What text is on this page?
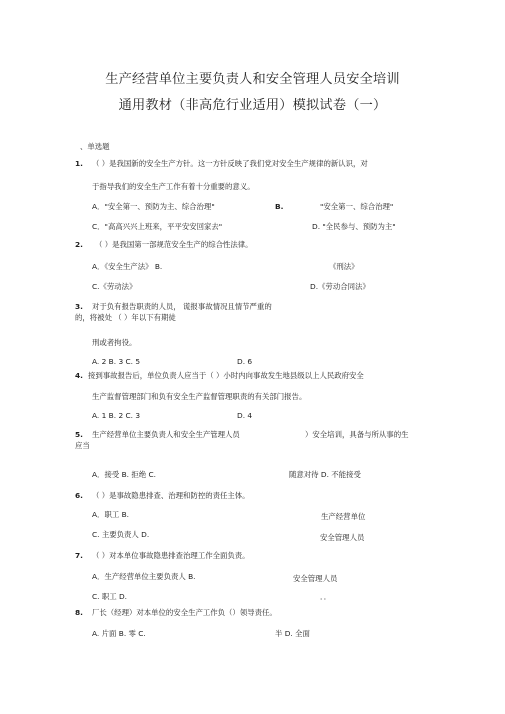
生产经营单位主要负责人和安全管理人员安全培训
通用教材（非高危行业适用）模拟试卷（一）
、单选题
1. （ ）是我国新的安全生产方针。这一方针反映了我们党对安全生产规律的新认识，对
于指导我们的安全生产工作有着十分重要的意义。
A．"安全第一、预防为主、综合治理"	B.	"安全第一、综合治理"
C．"高高兴兴上班来，平平安安回家去"	D. "全民参与、预防为主"
2. （ ）是我国第一部规范安全生产的综合性法律。
A．《安全生产法》 B.	《刑法》
C.《劳动法》	D.《劳动合同法》
3. 对于负有报告职责的人员， 谎报事故情况且情节严重的
的，将被处 （ ）年以下有期徒
刑或者拘役。
A. 2 B. 3 C. 5	D. 6
4. 接到事故报告后，单位负责人应当于（ ）小时内向事故发生地县级以上人民政府安全
生产监督管理部门和负有安全生产监督管理职责的有关部门报告。
A. 1 B. 2 C. 3	D. 4
5. 生产经营单位主要负责人和安全生产管理人员	）安全培训，具备与所从事的生
应当
A．接受 B. 拒绝 C.	随意对待 D. 不能接受
6. （ ）是事故隐患排查、治理和防控的责任主体。
A．职工 B.	生产经营单位
C. 主要负责人 D.	安全管理人员
7. （ ）对本单位事故隐患排查治理工作全面负责。
A．生产经营单位主要负责人 B.	安全管理人员
C. 职工 D.	．．
8. 厂长（经理）对本单位的安全生产工作负（）领导责任。
A. 片面 B. 零 C.	半 D. 全面
